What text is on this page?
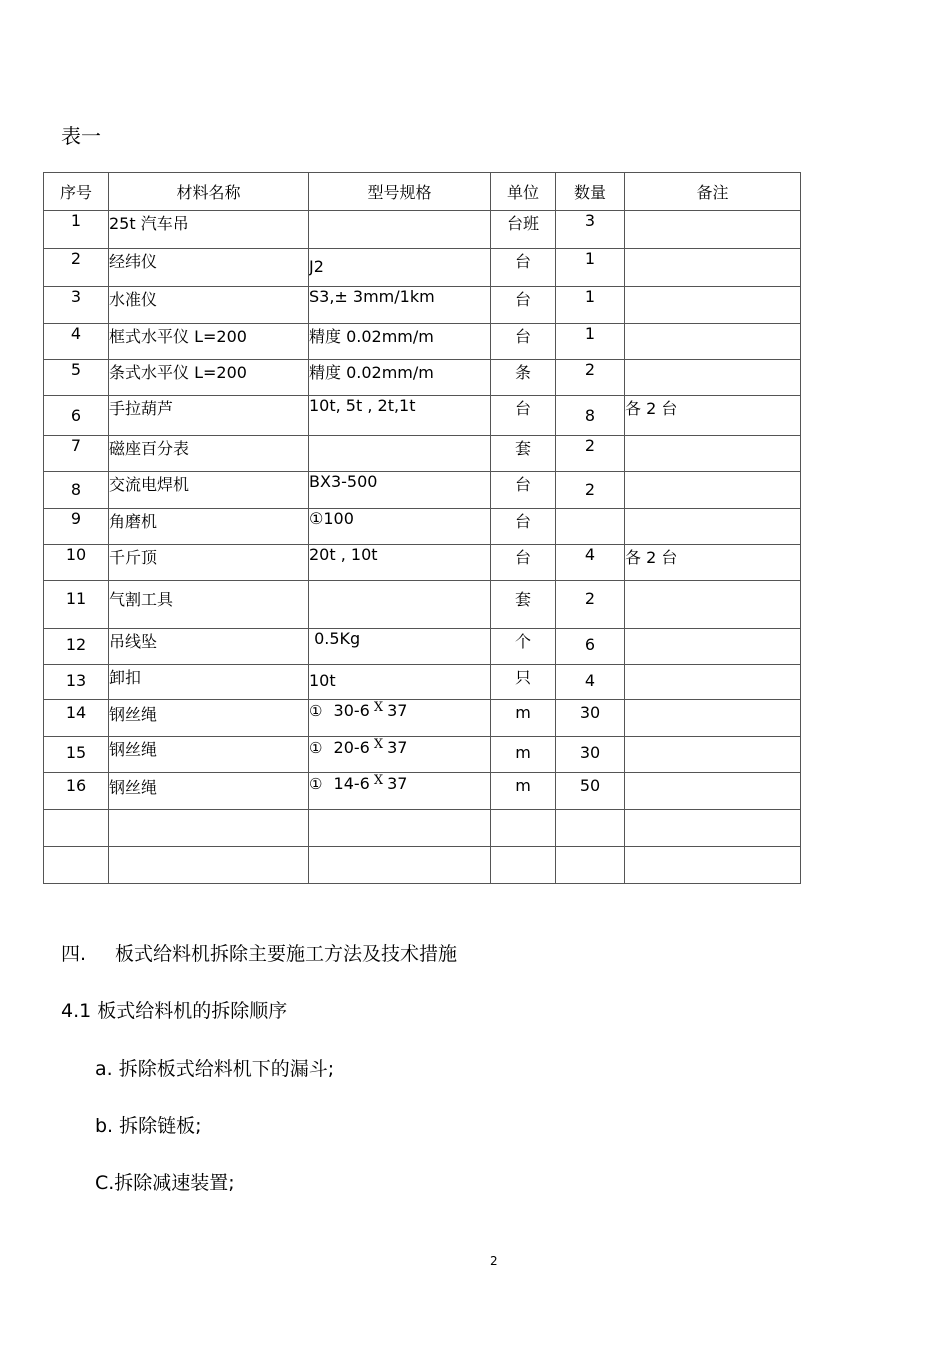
表一
序号	材料名称	型号规格	单位	数量	备注
1	25t 汽车吊		台班	3	
2	经纬仪	J2	台	1	
3	水准仪	S3,± 3mm/1km	台	1	
4	框式水平仪 L=200	精度 0.02mm/m	台	1	
5	条式水平仪 L=200	精度 0.02mm/m	条	2	
6	手拉葫芦	10t, 5t , 2t,1t	台	8	各 2 台
7	磁座百分表		套	2	
8	交流电焊机	BX3-500	台	2	
9	角磨机	①100	台		
10	千斤顶	20t , 10t	台	4	各 2 台
11	气割工具		套	2	
12	吊线坠	0.5Kg	个	6	
13	卸扣	10t	只	4	
14	钢丝绳	① 30-6 $^X$ 37	m	30	
15	钢丝绳	① 20-6 $^X$ 37	m	30	
16	钢丝绳	① 14-6 $^X$ 37	m	50	

四. 板式给料机拆除主要施工方法及技术措施
4.1 板式给料机的拆除顺序
a. 拆除板式给料机下的漏斗;
b. 拆除链板;
C.拆除减速装置;
2
